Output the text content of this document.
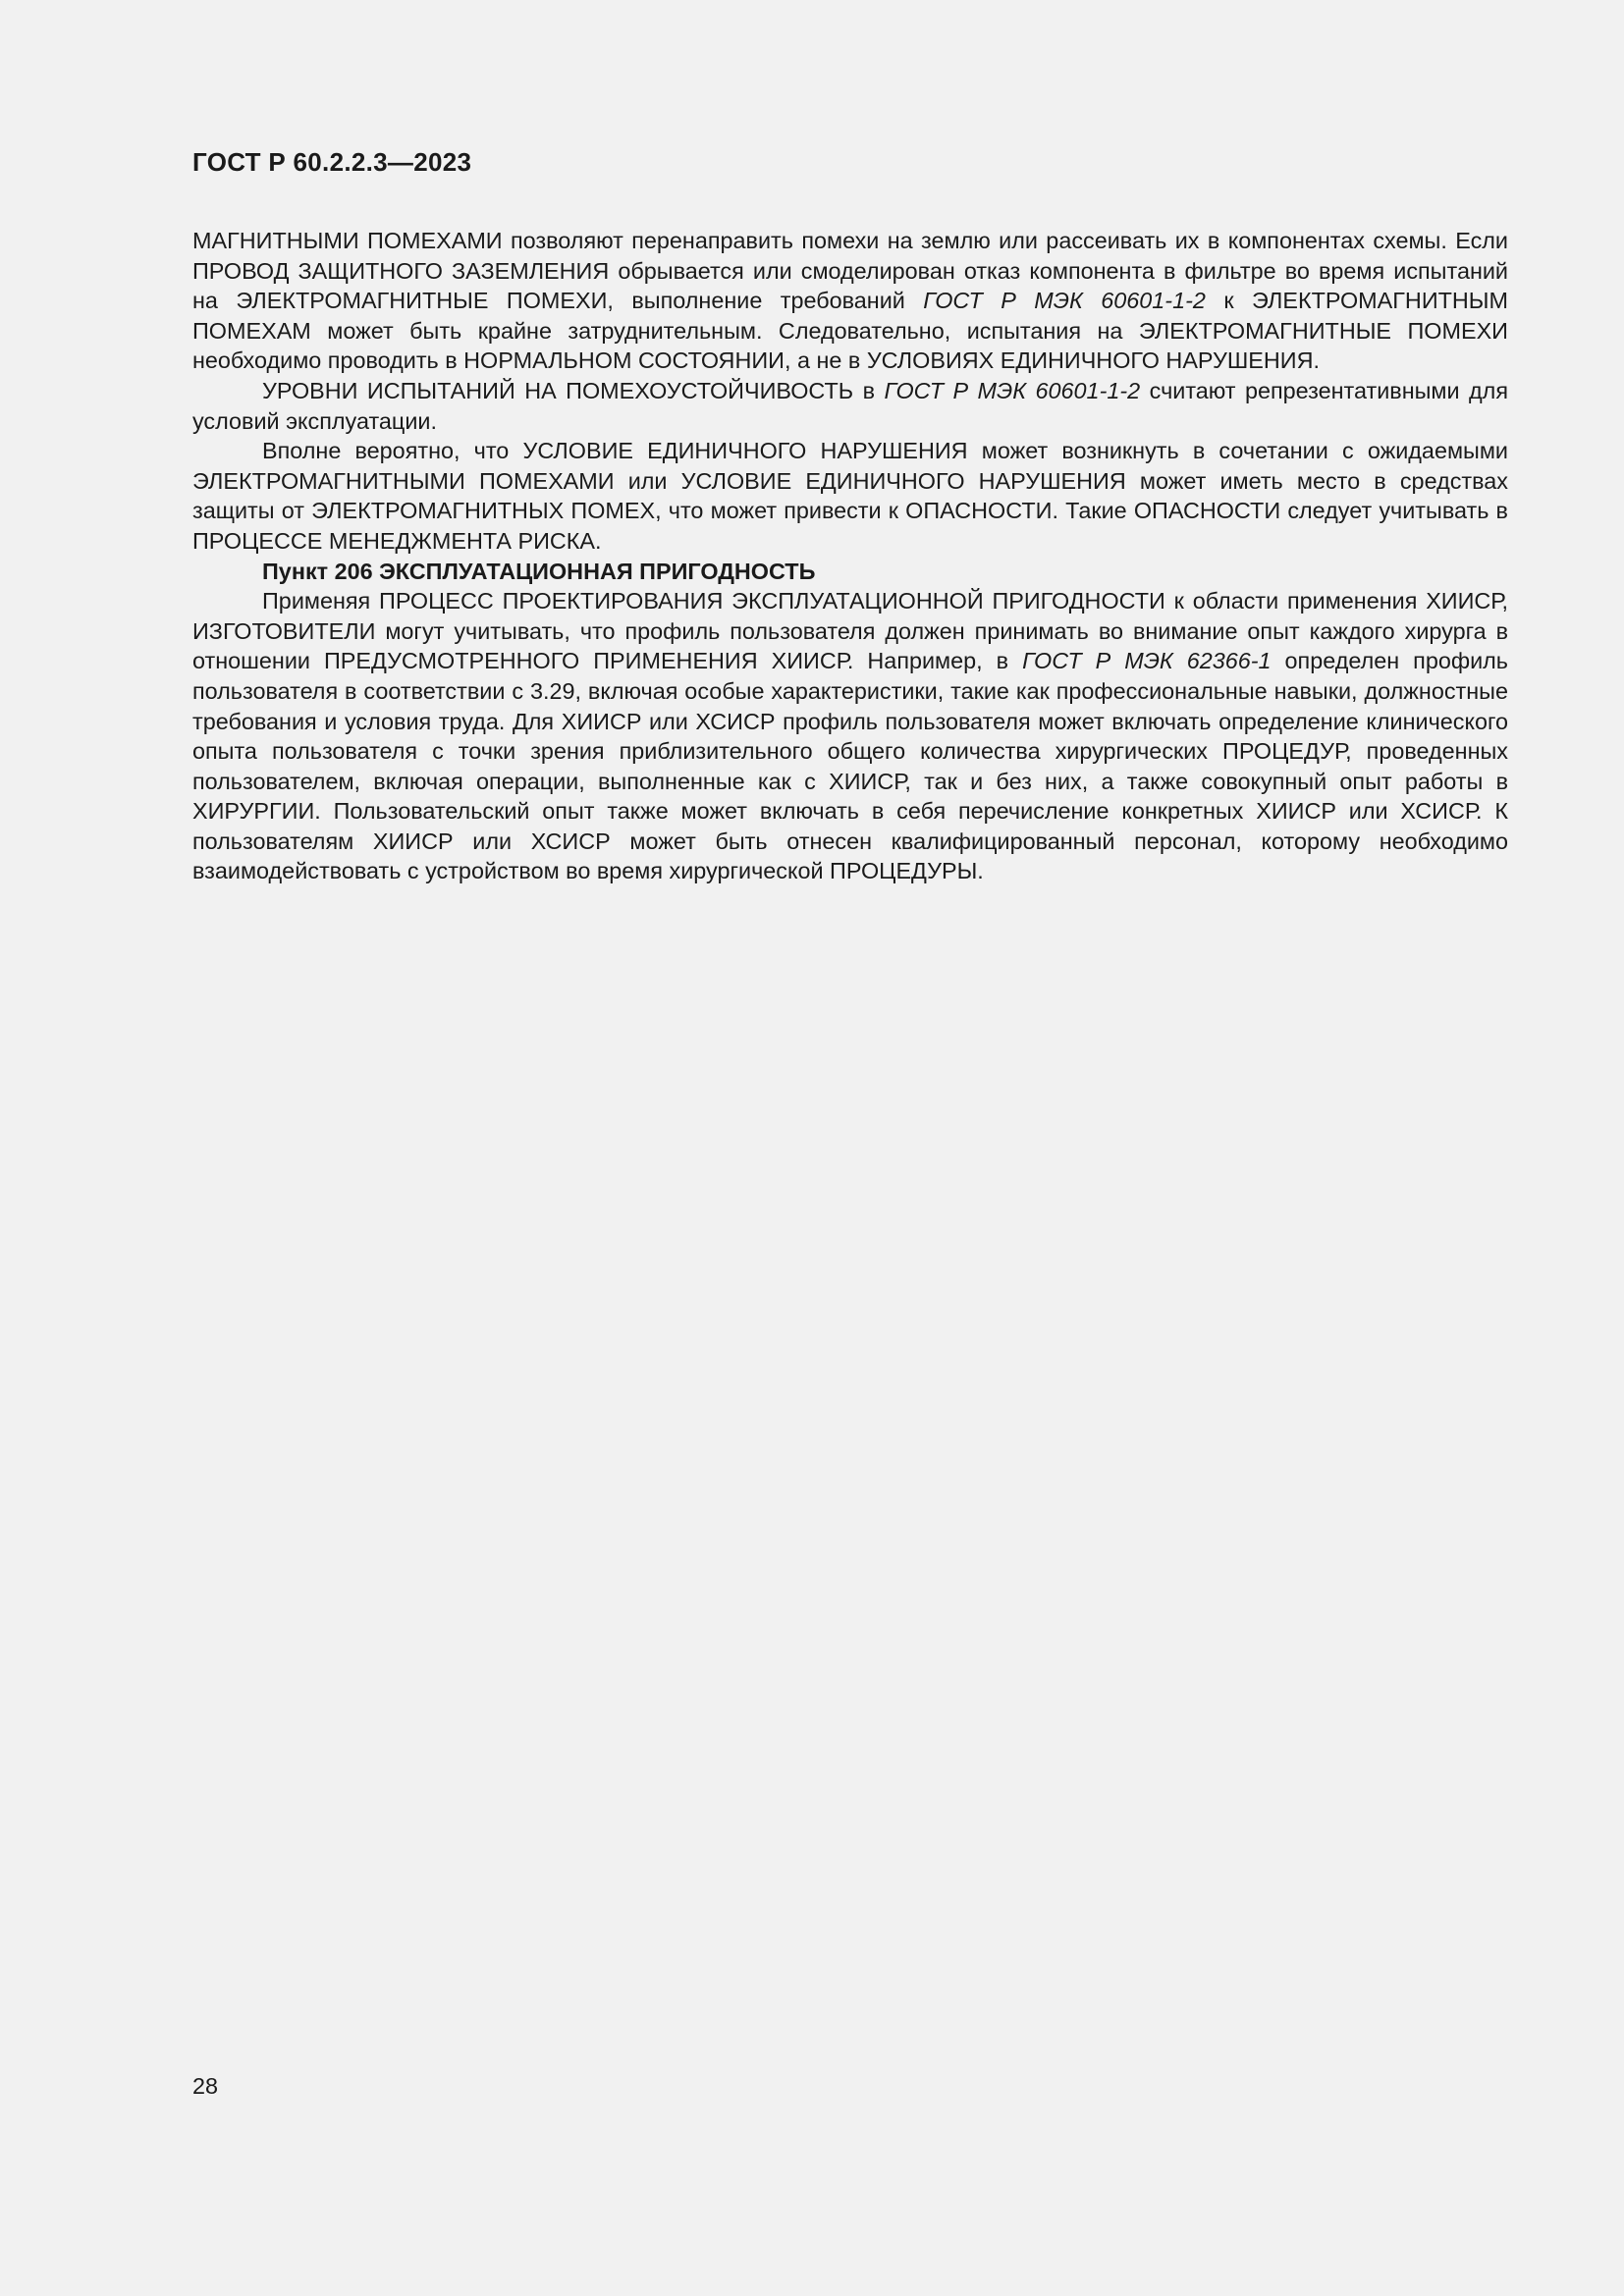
ГОСТ Р 60.2.2.3—2023

МАГНИТНЫМИ ПОМЕХАМИ позволяют перенаправить помехи на землю или рассеивать их в компонентах схемы. Если ПРОВОД ЗАЩИТНОГО ЗАЗЕМЛЕНИЯ обрывается или смоделирован отказ компонента в фильтре во время испытаний на ЭЛЕКТРОМАГНИТНЫЕ ПОМЕХИ, выполнение требований ГОСТ Р МЭК 60601-1-2 к ЭЛЕКТРОМАГНИТНЫМ ПОМЕХАМ может быть крайне затруднительным. Следовательно, испытания на ЭЛЕКТРОМАГНИТНЫЕ ПОМЕХИ необходимо проводить в НОРМАЛЬНОМ СОСТОЯНИИ, а не в УСЛОВИЯХ ЕДИНИЧНОГО НАРУШЕНИЯ.

УРОВНИ ИСПЫТАНИЙ НА ПОМЕХОУСТОЙЧИВОСТЬ в ГОСТ Р МЭК 60601-1-2 считают репрезентативными для условий эксплуатации.

Вполне вероятно, что УСЛОВИЕ ЕДИНИЧНОГО НАРУШЕНИЯ может возникнуть в сочетании с ожидаемыми ЭЛЕКТРОМАГНИТНЫМИ ПОМЕХАМИ или УСЛОВИЕ ЕДИНИЧНОГО НАРУШЕНИЯ может иметь место в средствах защиты от ЭЛЕКТРОМАГНИТНЫХ ПОМЕХ, что может привести к ОПАСНОСТИ. Такие ОПАСНОСТИ следует учитывать в ПРОЦЕССЕ МЕНЕДЖМЕНТА РИСКА.

Пункт 206 ЭКСПЛУАТАЦИОННАЯ ПРИГОДНОСТЬ

Применяя ПРОЦЕСС ПРОЕКТИРОВАНИЯ ЭКСПЛУАТАЦИОННОЙ ПРИГОДНОСТИ к области применения ХИИСР, ИЗГОТОВИТЕЛИ могут учитывать, что профиль пользователя должен принимать во внимание опыт каждого хирурга в отношении ПРЕДУСМОТРЕННОГО ПРИМЕНЕНИЯ ХИИСР. Например, в ГОСТ Р МЭК 62366-1 определен профиль пользователя в соответствии с 3.29, включая особые характеристики, такие как профессиональные навыки, должностные требования и условия труда. Для ХИИСР или ХСИСР профиль пользователя может включать определение клинического опыта пользователя с точки зрения приблизительного общего количества хирургических ПРОЦЕДУР, проведенных пользователем, включая операции, выполненные как с ХИИСР, так и без них, а также совокупный опыт работы в ХИРУРГИИ. Пользовательский опыт также может включать в себя перечисление конкретных ХИИСР или ХСИСР. К пользователям ХИИСР или ХСИСР может быть отнесен квалифицированный персонал, которому необходимо взаимодействовать с устройством во время хирургической ПРОЦЕДУРЫ.

28
